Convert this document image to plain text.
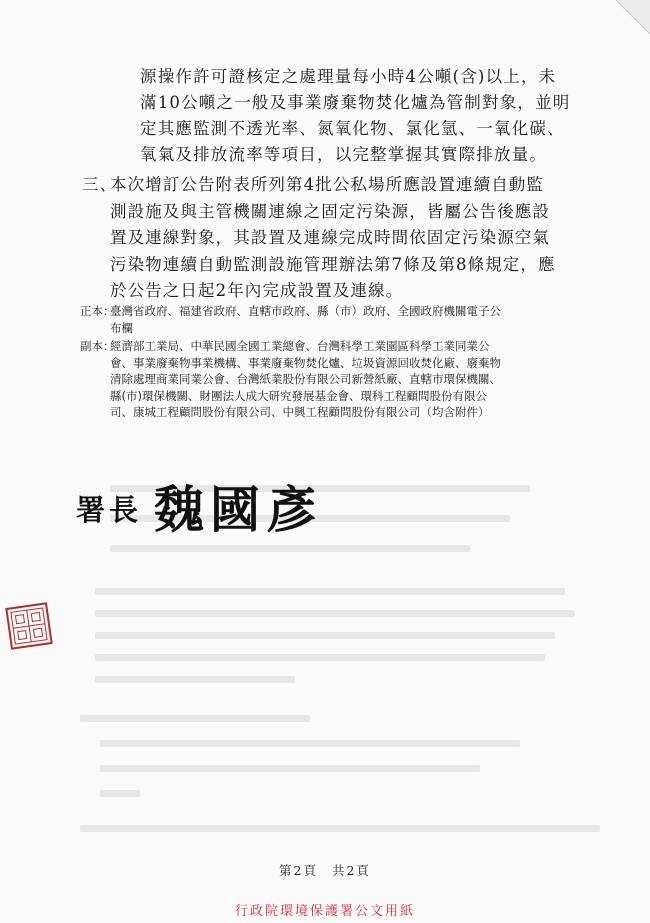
源操作許可證核定之處理量每小時4公噸(含)以上，未
滿10公噸之一般及事業廢棄物焚化爐為管制對象，並明
定其應監測不透光率、氮氧化物、氯化氫、一氧化碳、
氧氣及排放流率等項目，以完整掌握其實際排放量。
三、
本次增訂公告附表所列第4批公私場所應設置連續自動監
測設施及與主管機關連線之固定污染源，皆屬公告後應設
置及連線對象，其設置及連線完成時間依固定污染源空氣
污染物連續自動監測設施管理辦法第7條及第8條規定，應
於公告之日起2年內完成設置及連線。
正本：
臺灣省政府、福建省政府、直轄市政府、縣（市）政府、全國政府機關電子公
布欄
副本：
經濟部工業局、中華民國全國工業總會、台灣科學工業園區科學工業同業公
會、事業廢棄物事業機構、事業廢棄物焚化爐、垃圾資源回收焚化廠、廢棄物
清除處理商業同業公會、台灣紙業股份有限公司新營紙廠、直轄市環保機關、
縣(市)環保機關、財團法人成大研究發展基金會、環科工程顧問股份有限公
司、康城工程顧問股份有限公司、中興工程顧問股份有限公司（均含附件）
署長 魏國彥
第2頁 共2頁
行政院環境保護署公文用紙
